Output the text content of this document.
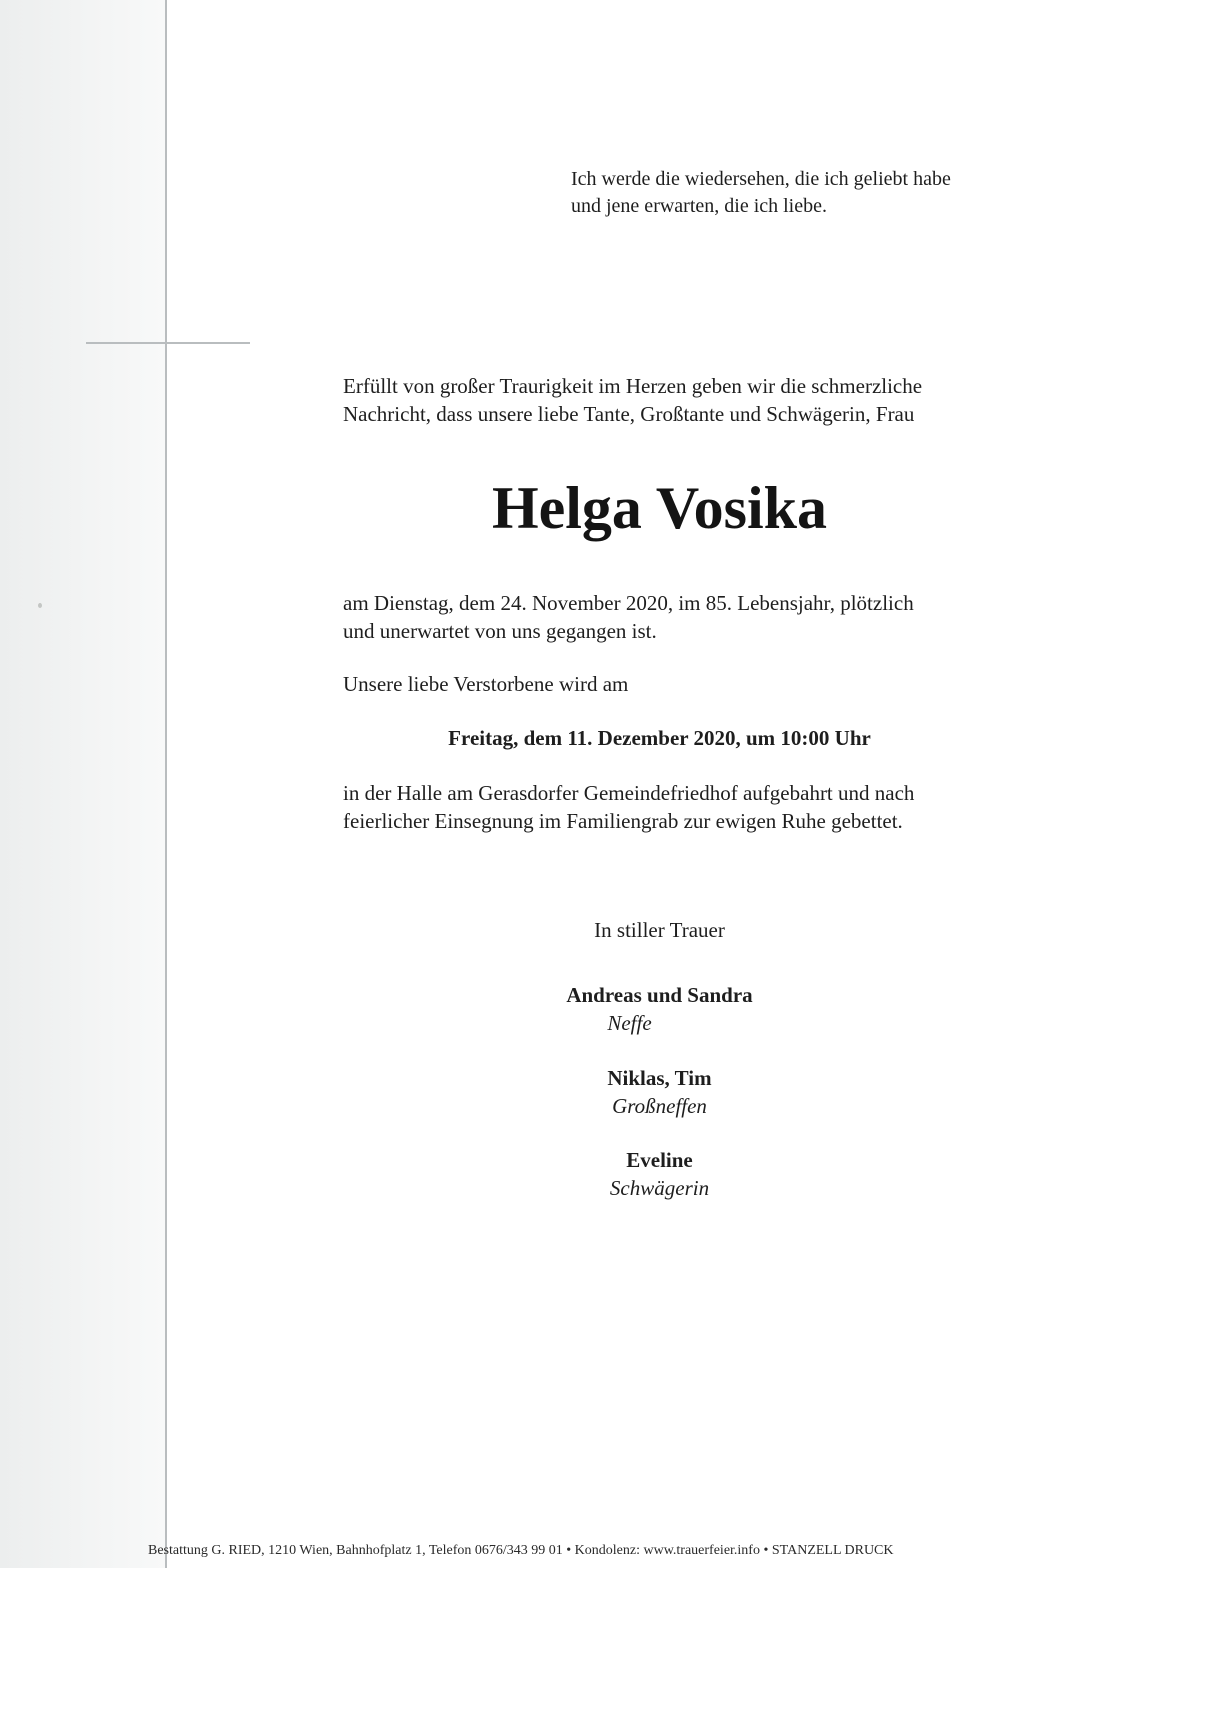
Ich werde die wiedersehen, die ich geliebt habe
und jene erwarten, die ich liebe.

Erfüllt von großer Traurigkeit im Herzen geben wir die schmerzliche
Nachricht, dass unsere liebe Tante, Großtante und Schwägerin, Frau

Helga Vosika

am Dienstag, dem 24. November 2020, im 85. Lebensjahr, plötzlich
und unerwartet von uns gegangen ist.

Unsere liebe Verstorbene wird am

Freitag, dem 11. Dezember 2020, um 10:00 Uhr

in der Halle am Gerasdorfer Gemeindefriedhof aufgebahrt und nach
feierlicher Einsegnung im Familiengrab zur ewigen Ruhe gebettet.

In stiller Trauer

Andreas und Sandra
Neffe
Niklas, Tim
Großneffen
Eveline
Schwägerin

Bestattung G. RIED, 1210 Wien, Bahnhofplatz 1, Telefon 0676/343 99 01 • Kondolenz: www.trauerfeier.info • STANZELL DRUCK
